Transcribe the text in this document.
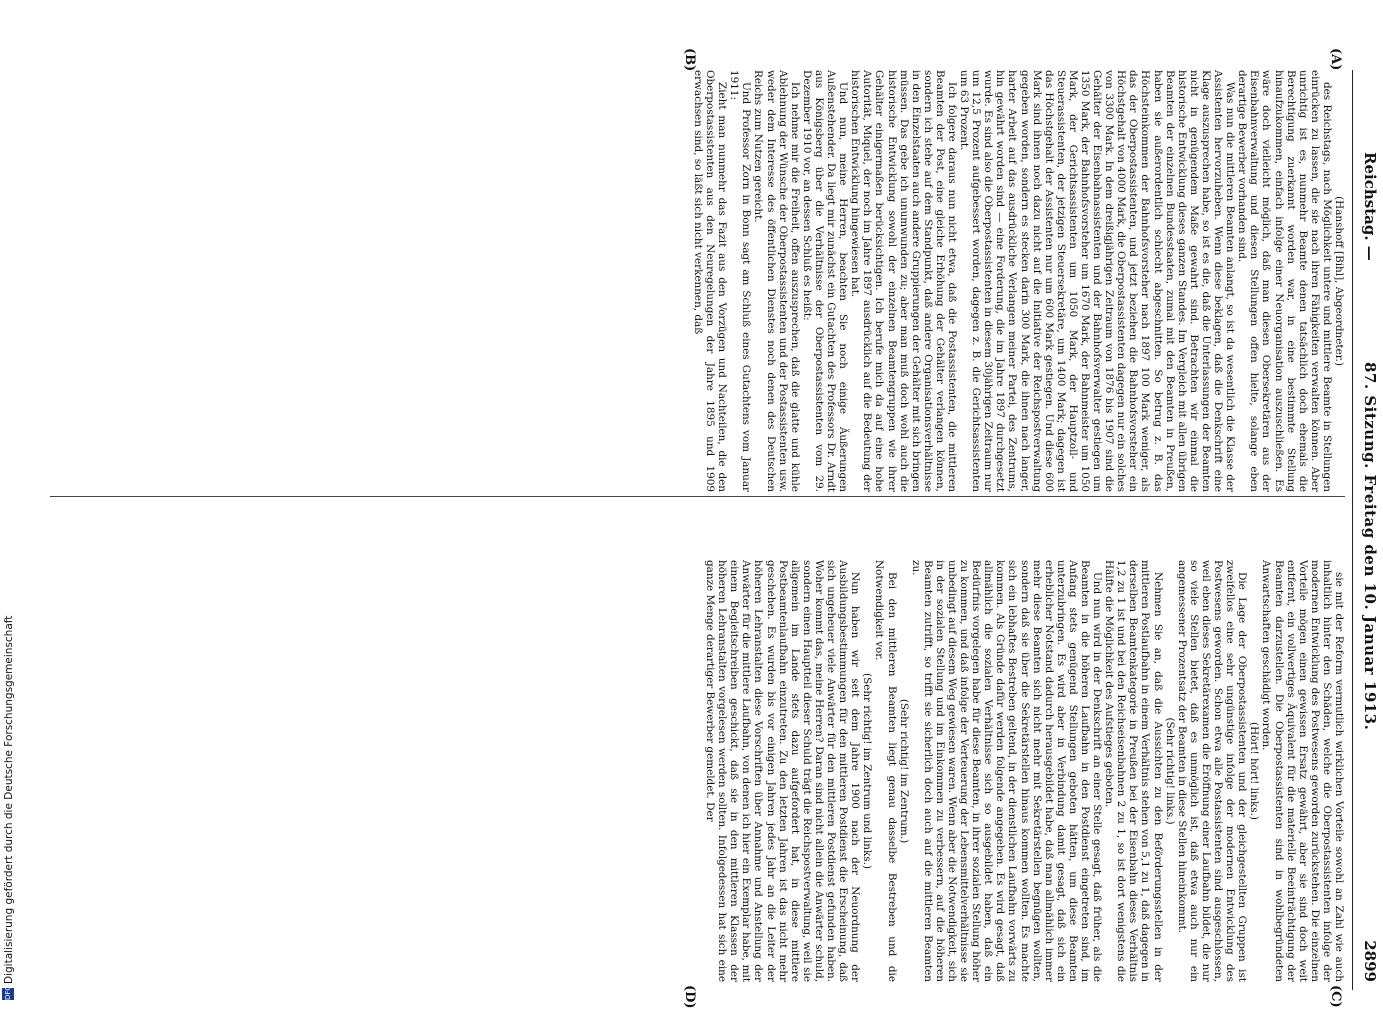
Reichstag. —
87. Sitzung. Freitag den 10. Januar 1913.
2899
(A)
(B)
(C)
(D)

(Hanshoff [Bihl], Abgeordneter.)

des Reichstags, nach Möglichkeit untere und mittlere Beamte in Stellungen einrücken zu lassen, die sie nach ihren Fähigkeiten verwalten können. Aber unrichtig ist es, nunmehr Beamte denen tatsächlich doch ehemals die Berechtigung zuerkannt worden war, in eine bestimmte Stellung hinaufzukommen, einfach infolge einer Neuorganisation auszuschließen. Es wäre doch vielleicht möglich, daß man diesen Obersekretären aus der Eisenbahnverwaltung und diesen Stellungen offen hielte, solange eben derartige Bewerber vorhanden sind.

Was nun die mittleren Beamten anlangt, so ist da wesentlich die Klasse der Assistenten hervorzuheben. Wenn diese beklagen, daß die Denkschrift eine Klage auszusprechen habe, so ist es die, daß die Unterlassungen der Beamten nicht in genügendem Maße gewahrt sind. Betrachten wir einmal die historische Entwicklung dieses ganzen Standes. Im Vergleich mit allen übrigen Beamten der einzelnen Bundesstaaten, zumal mit den Beamten in Preußen, haben sie außerordentlich schlecht abgeschnitten. So betrug z. B. das Höchsteinkommen der Bahnhofsvorsteher nach 1897 100 Mark weniger, als das der Oberpostassistenten, und jetzt beziehen die Bahnhofsvorsteher ein Höchstgehalt von 4000 Mark, die Oberpostassistenten dagegen nur ein solches von 3300 Mark. In dem dreißigjährigen Zeitraum von 1876 bis 1907 sind die Gehälter der Eisenbahnassistenten und der Bahnhofsverwalter gestiegen um 1350 Mark, der Bahnhofsvorsteher um 1670 Mark, der Bahnmeister um 1050 Mark, der Gerichtsassistenten um 1050 Mark, der Hauptzoll- und Steuerassistenten, der jetzigen Steuersekretäre, um 1400 Mark; dagegen ist das Höchstgehalt der Assistenten nur um 600 Mark gestiegen. Und diese 600 Mark sind ihnen noch dazu nicht auf die Initiative der Reichspostverwaltung gegeben worden, sondern es stecken darin 300 Mark, die ihnen nach langer, harter Arbeit auf das ausdrückliche Verlangen meiner Partei, des Zentrums, hin gewährt worden sind — eine Forderung, die im Jahre 1897 durchgesetzt wurde. Es sind also die Oberpostassistenten in diesem 30jährigen Zeitraum nur um 12,5 Prozent aufgebessert worden, dagegen z. B. die Gerichtsassistenten um 63 Prozent.

Ich folgere daraus nun nicht etwa, daß die Postassistenten, die mittleren Beamten der Post, eine gleiche Erhöhung der Gehälter verlangen können, sondern ich stehe auf dem Standpunkt, daß andere Organisationsverhältnisse in den Einzelstaaten auch andere Gruppierungen der Gehälter mit sich bringen müssen. Das gebe ich unumwunden zu; aber man muß doch wohl auch die historische Entwicklung sowohl der einzelnen Beamtengruppen wie ihrer Gehälter einigermaßen berücksichtigen. Ich berufe mich da auf eine hohe Autorität, Miquel, der noch im Jahre 1897 ausdrücklich auf die Bedeutung der historischen Entwicklung hingewiesen hat.

Und nun, meine Herren, beachten Sie noch einige Äußerungen Außenstehender. Da liegt mir zunächst ein Gutachten des Professors Dr. Arndt aus Königsberg über die Verhältnisse der Oberpostassistenten vom 29. Dezember 1910 vor, an dessen Schluß es heißt:

Ich nehme mir die Freiheit, offen auszusprechen, daß die glatte und kühle Ablehnung der Wünsche der Oberpostassistenten und der Postassistenten usw. weder dem Interesse des öffentlichen Dienstes noch denen des Deutschen Reichs zum Nutzen gereicht.

Und Professor Zorn in Bonn sagt am Schluß eines Gutachtens vom Januar 1911:

Zieht man nunmehr das Fazit aus den Vorzügen und Nachteilen, die den Oberpostassistenten aus den Neuregelungen der Jahre 1895 und 1909 erwachsen sind, so läßt sich nicht verkennen, daß

sie mit der Reform vermutlich wirklichen Vorteile sowohl an Zahl wie auch inhaltlich hinter den Schäden, welche die Oberpostassistenten infolge der modernen Entwicklung des Postwesens geworden zurückstehen. Die einzelnen Vorteile mögen einen gewissen Ersatz gewährt, aber sie sind doch weit entfernt, ein vollwertiges Äquivalent für die materielle Beeinträchtigung der Beamten darzustellen. Die Oberpostassistenten sind in wohlbegründeten Anwartschaften geschädigt worden.

(Hört! hört! links.)

Die Lage der Oberpostassistenten und der gleichgestellten Gruppen ist zweifellos eine sehr ungünstige infolge der modernen Entwicklung des Postwesens geworden. Schon etwa alle Postassistenten sind ausgeschlossen, weil eben dieses Sekretärexamen die Eröffnung einer Laufbahn bildet, die nur so viele Stellen bietet, daß es unmöglich ist, daß etwa auch nur ein angemessener Prozentsatz der Beamten in diese Stellen hineinkommt.

(Sehr richtig! links.)

Nehmen Sie an, daß die Aussichten zu den Beförderungsstellen in der mittleren Postlaufbahn in einem Verhältnis stehen von 5,1 zu 1, daß dagegen in derselben Beamtenkategorie in Preußen bei der Eisenbahn dieses Verhältnis 1,2 zu 1 ist und bei den Reichseisenbahnen 2 zu 1, so ist dort wenigstens die Hälfte die Möglichkeit des Aufstieges geboten.

Und nun wird in der Denkschrift an einer Stelle gesagt, daß früher, als die Beamten in die höheren Laufbahn in den Postdienst eingetreten sind, im Anfang stets genügend Stellungen geboten hätten, um diese Beamten unterzubringen. Es wird aber in Verbindung damit gesagt, daß sich ein erheblicher Notstand dadurch herausgebildet habe, daß man allmählich immer mehr diese Beamten sich nicht mehr mit Sekretärstellen begnügen wollten, sondern daß sie über die Sekretärstellen hinaus kommen wollten. Es machte sich ein lebhaftes Bestreben geltend, in der dienstlichen Laufbahn vorwärts zu kommen. Als Gründe dafür werden folgende angegeben. Es wird gesagt, daß allmählich die sozialen Verhältnisse sich so ausgebildet haben, daß ein Bedürfnis vorgelegen habe für diese Beamten, in ihrer sozialen Stellung höher zu kommen, und daß infolge der Verteuerung der Lebensmittelverhältnisse sie unbedingt auf diesem Weg gewiesen waren. Wenn aber die Notwendigkeit, sich in der sozialen Stellung und im Einkommen zu verbessern, auf die höheren Beamten zutrifft, so trifft sie sicherlich doch auch auf die mittleren Beamten zu.

(Sehr richtig! im Zentrum.)

Bei den mittleren Beamten liegt genau dasselbe Bestreben und die Notwendigkeit vor.

(Sehr richtig! im Zentrum und links.)

Nun haben wir seit dem Jahre 1900 nach der Neuordnung der Ausbildungsbestimmungen für den mittleren Postdienst die Erscheinung, daß sich ungeheuer viele Anwärter für den mittleren Postdienst gefunden haben. Woher kommt das, meine Herren? Daran sind nicht allein die Anwärter schuld, sondern einen Hauptteil dieser Schuld trägt die Reichspostverwaltung, weil sie allgemein im Lande stets dazu aufgefordert hat, in diese mittlere Postbeamtenlaufbahn einzutreten. Zu den letzten Jahren ist das nicht mehr geschehen. Es wurden bis vor einigen Jahren jedes Jahr an die Leiter der höheren Lehranstalten diese Vorschriften über Annahme und Anstellung der Anwärter für die mittlere Laufbahn, von denen ich hier ein Exemplar habe, mit einem Begleitschreiben geschickt, daß sie in den mittleren Klassen der höheren Lehranstalten vorgelesen werden sollten. Infolgedessen hat sich eine ganze Menge derartiger Bewerber gemeldet. Der

DFG
Digitalisierung gefördert durch die Deutsche Forschungsgemeinschaft
